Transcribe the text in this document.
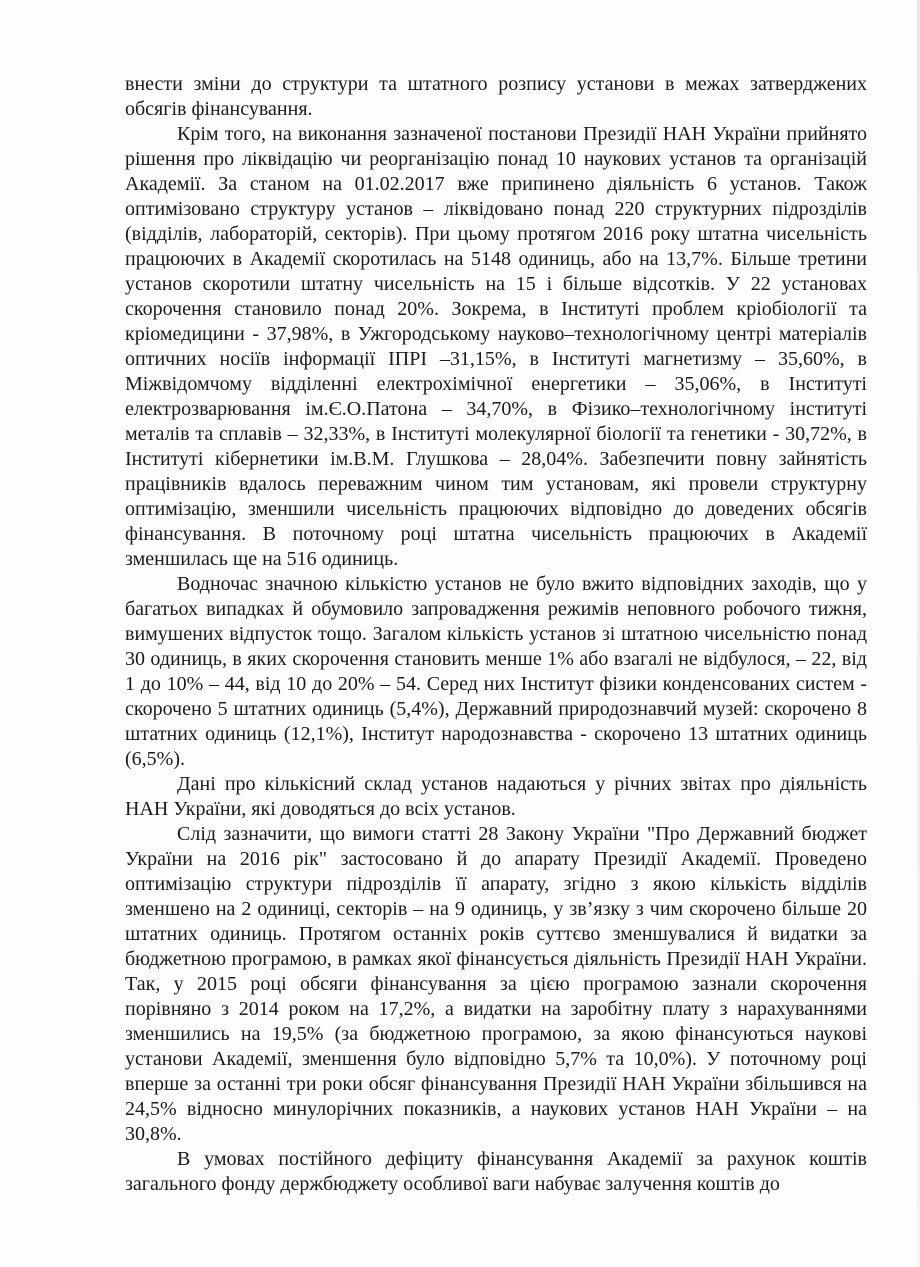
внести зміни до структури та штатного розпису установи в межах затверджених обсягів фінансування.

Крім того, на виконання зазначеної постанови Президії НАН України прийнято рішення про ліквідацію чи реорганізацію понад 10 наукових установ та організацій Академії. За станом на 01.02.2017 вже припинено діяльність 6 установ. Також оптимізовано структуру установ – ліквідовано понад 220 структурних підрозділів (відділів, лабораторій, секторів). При цьому протягом 2016 року штатна чисельність працюючих в Академії скоротилась на 5148 одиниць, або на 13,7%. Більше третини установ скоротили штатну чисельність на 15 і більше відсотків. У 22 установах скорочення становило понад 20%. Зокрема, в Інституті проблем кріобіології та кріомедицини - 37,98%, в Ужгородському науково–технологічному центрі матеріалів оптичних носіїв інформації ІПРІ –31,15%, в Інституті магнетизму – 35,60%, в Міжвідомчому відділенні електрохімічної енергетики – 35,06%, в Інституті електрозварювання ім.Є.О.Патона – 34,70%, в Фізико–технологічному інституті металів та сплавів – 32,33%, в Інституті молекулярної біології та генетики - 30,72%, в Інституті кібернетики ім.В.М. Глушкова – 28,04%. Забезпечити повну зайнятість працівників вдалось переважним чином тим установам, які провели структурну оптимізацію, зменшили чисельність працюючих відповідно до доведених обсягів фінансування. В поточному році штатна чисельність працюючих в Академії зменшилась ще на 516 одиниць.

Водночас значною кількістю установ не було вжито відповідних заходів, що у багатьох випадках й обумовило запровадження режимів неповного робочого тижня, вимушених відпусток тощо. Загалом кількість установ зі штатною чисельністю понад 30 одиниць, в яких скорочення становить менше 1% або взагалі не відбулося, – 22, від 1 до 10% – 44, від 10 до 20% – 54. Серед них Інститут фізики конденсованих систем - скорочено 5 штатних одиниць (5,4%), Державний природознавчий музей: скорочено 8 штатних одиниць (12,1%), Інститут народознавства - скорочено 13 штатних одиниць (6,5%).

Дані про кількісний склад установ надаються у річних звітах про діяльність НАН України, які доводяться до всіх установ.

Слід зазначити, що вимоги статті 28 Закону України "Про Державний бюджет України на 2016 рік" застосовано й до апарату Президії Академії. Проведено оптимізацію структури підрозділів її апарату, згідно з якою кількість відділів зменшено на 2 одиниці, секторів – на 9 одиниць, у зв’язку з чим скорочено більше 20 штатних одиниць. Протягом останніх років суттєво зменшувалися й видатки за бюджетною програмою, в рамках якої фінансується діяльність Президії НАН України. Так, у 2015 році обсяги фінансування за цією програмою зазнали скорочення порівняно з 2014 роком на 17,2%, а видатки на заробітну плату з нарахуваннями зменшились на 19,5% (за бюджетною програмою, за якою фінансуються наукові установи Академії, зменшення було відповідно 5,7% та 10,0%). У поточному році вперше за останні три роки обсяг фінансування Президії НАН України збільшився на 24,5% відносно минулорічних показників, а наукових установ НАН України – на 30,8%.

В умовах постійного дефіциту фінансування Академії за рахунок коштів загального фонду держбюджету особливої ваги набуває залучення коштів до
